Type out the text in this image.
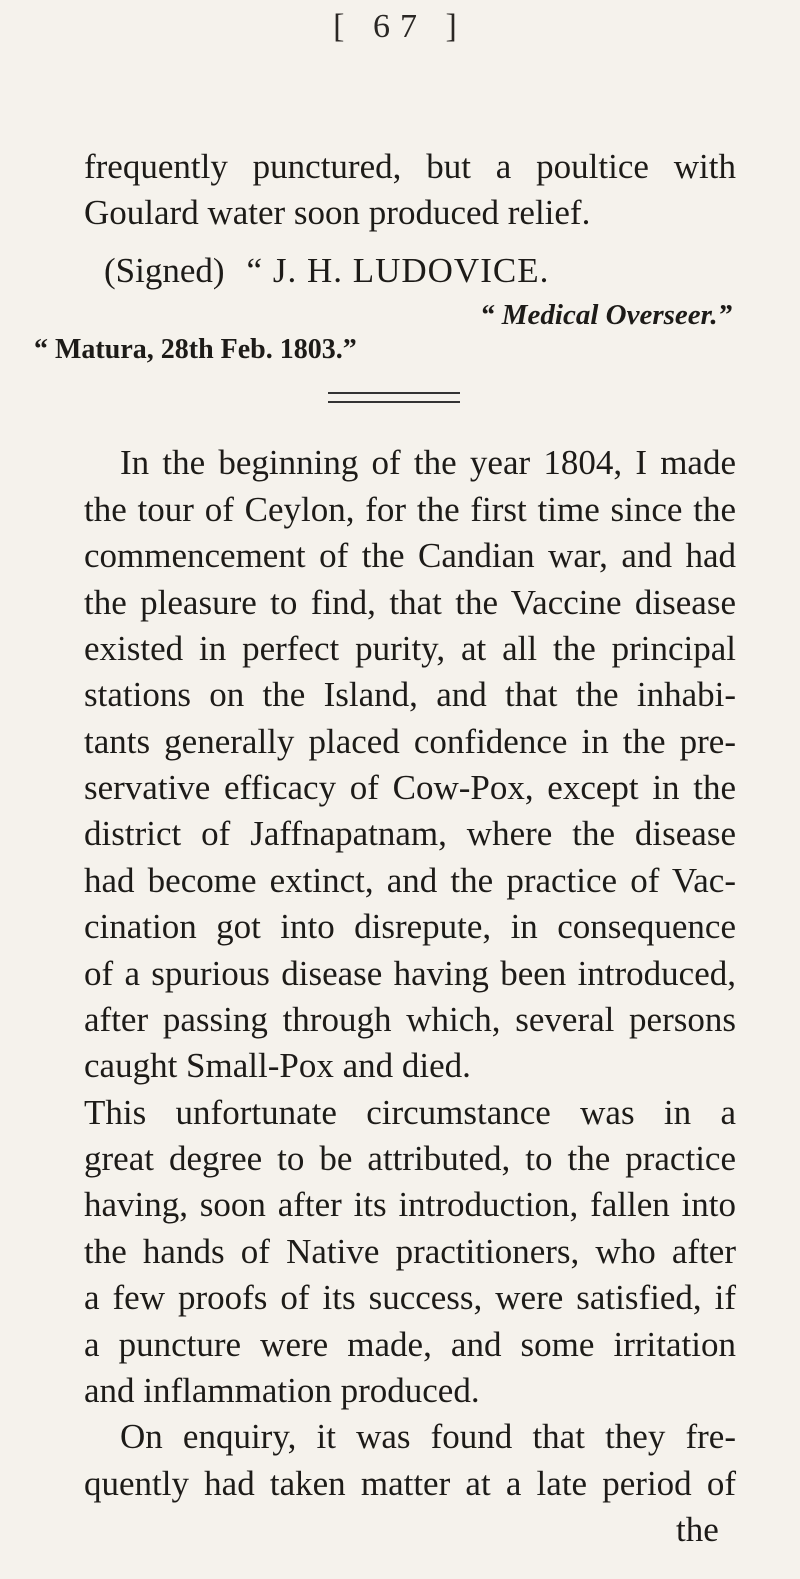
[ 67 ]
frequently punctured, but a poultice with
Goulard water soon produced relief.
(Signed) “ J. H. LUDOVICE.
“ Medical Overseer.”
“ Matura, 28th Feb. 1803.”
In the beginning of the year 1804, I made
the tour of Ceylon, for the first time since the
commencement of the Candian war, and had
the pleasure to find, that the Vaccine disease
existed in perfect purity, at all the principal
stations on the Island, and that the inhabi-
tants generally placed confidence in the pre-
servative efficacy of Cow-Pox, except in the
district of Jaffnapatnam, where the disease
had become extinct, and the practice of Vac-
cination got into disrepute, in consequence
of a spurious disease having been introduced,
after passing through which, several persons
caught Small-Pox and died.
This unfortunate circumstance was in a
great degree to be attributed, to the practice
having, soon after its introduction, fallen into
the hands of Native practitioners, who after
a few proofs of its success, were satisfied, if
a puncture were made, and some irritation
and inflammation produced.
On enquiry, it was found that they fre-
quently had taken matter at a late period of
the
